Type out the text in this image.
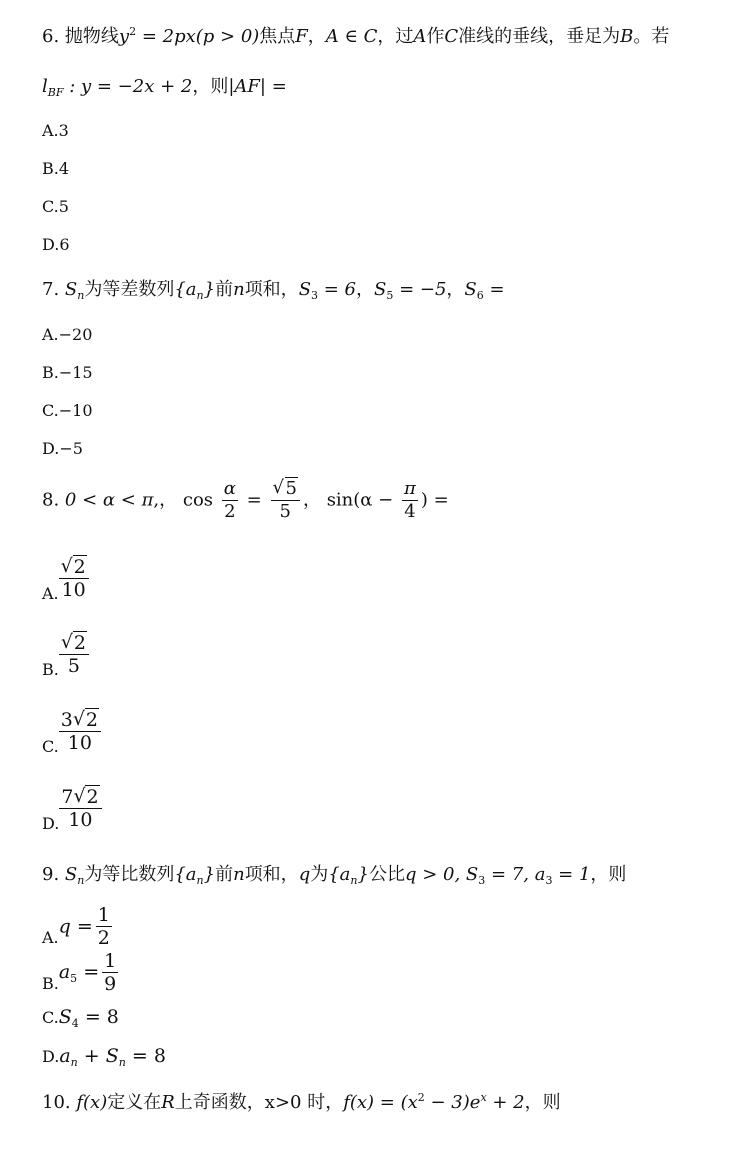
6. 抛物线$y^2 = 2px(p > 0)$焦点F，A ∈ C，过A作C准线的垂线，垂足为B。若
$l_{BF}$ : y = −2x + 2，则|AF| =
A.3
B.4
C.5
D.6
7. $S_n$为等差数列$\{a_n\}$前n项和，$S_3 = 6$，$S_5 = -5$，$S_6$ =
A.−20
B.−15
C.−10
D.−5
8. 0 < α < π,， $\cos \frac{\alpha}{2}$ = √ $\frac{5}{5}$ ， $\sin(\alpha - \frac{\pi}{4}$ ) =
A. √ $\frac{2}{10}$
B. √ $\frac{2}{5}$
C. $\frac{3 √ 2}{10}$
D. $\frac{7 √ 2}{10}$
9. $S_n$为等比数列$\{a_n\}$前n项和，q为$\{a_n\}$公比q > 0, $S_3 = 7$, $a_3 = 1$，则
$A.q = \frac{1}{2}$
$B.a_5 = \frac{1}{9}$
$C.S_4 = 8$
$D.a_n + S_n = 8$
10. f(x)定义在R上奇函数，x>0 时，$f(x) = (x^2 - 3)e^x + 2$，则
